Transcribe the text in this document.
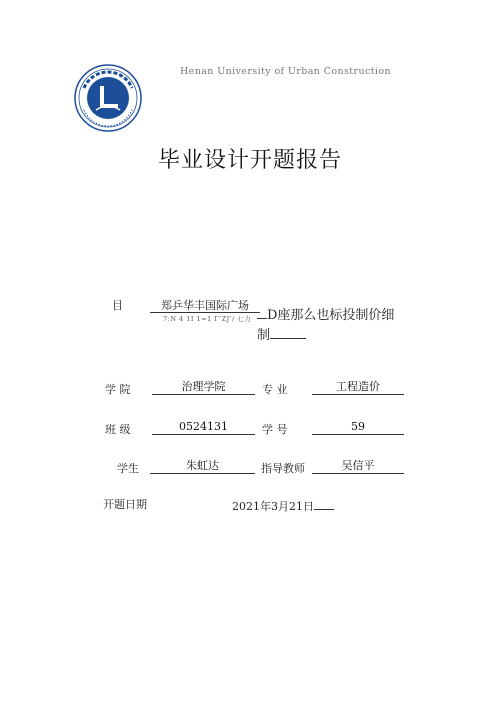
Henan University of Urban Construction
毕业设计开题报告
目	郑乒华丰国际广场
7:N 4 1I 1=1 Γ'ZJ'/ 七力	D座那么也标投制价细
制
学 院	治理学院	专 业	工程造价
班 级	0524131	学 号	59
学生	朱虹达	指导教师	吴信平
开题日期	2021年3月21日
